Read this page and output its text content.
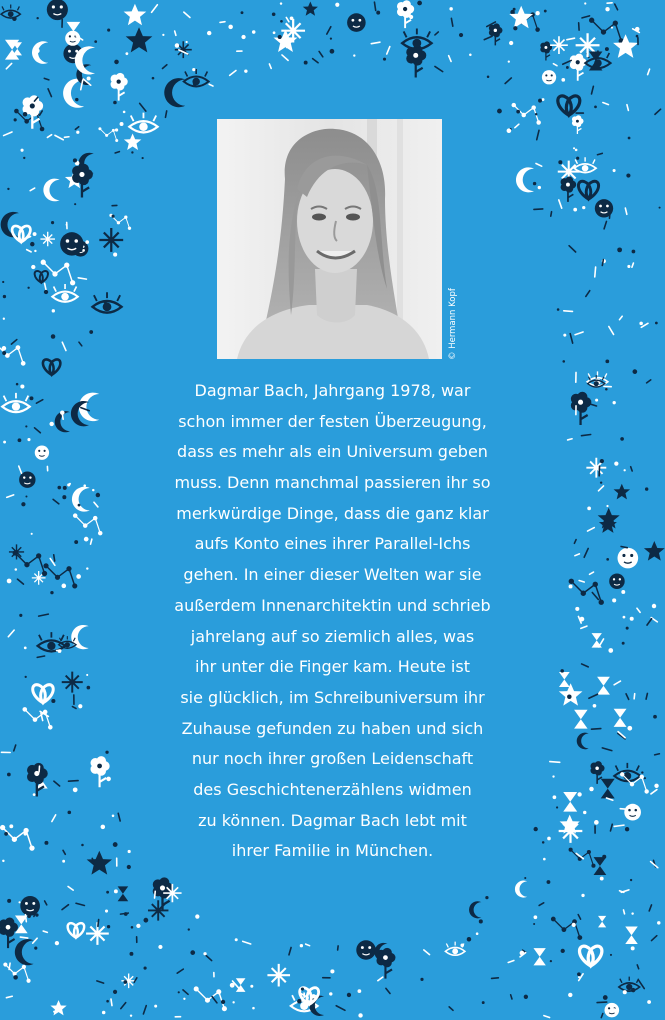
© Hermann Kopf
Dagmar Bach, Jahrgang 1978, war
schon immer der festen Überzeugung,
dass es mehr als ein Universum geben
muss. Denn manchmal passieren ihr so
merkwürdige Dinge, dass die ganz klar
aufs Konto eines ihrer Parallel-Ichs
gehen. In einer dieser Welten war sie
außerdem Innenarchitektin und schrieb
jahrelang auf so ziemlich alles, was
ihr unter die Finger kam. Heute ist
sie glücklich, im Schreibuniversum ihr
Zuhause gefunden zu haben und sich
nur noch ihrer großen Leidenschaft
des Geschichtenerzählens widmen
zu können. Dagmar Bach lebt mit
ihrer Familie in München.
